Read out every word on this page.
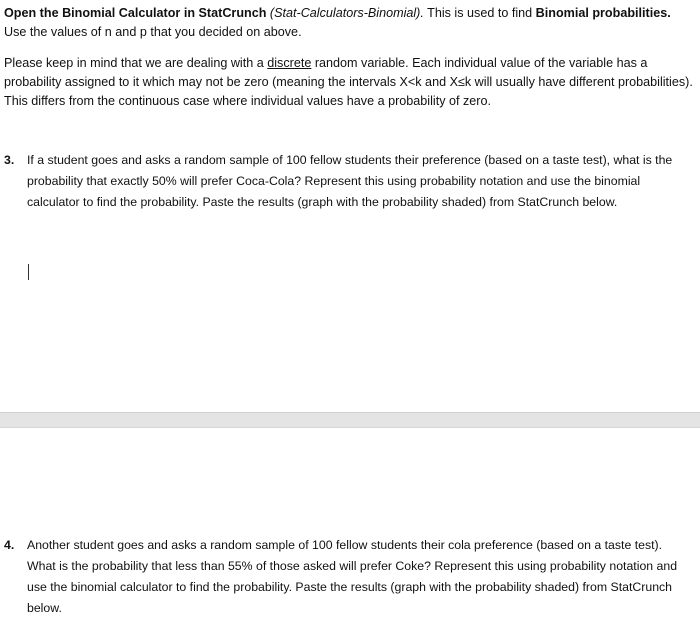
Open the Binomial Calculator in StatCrunch (Stat-Calculators-Binomial). This is used to find Binomial probabilities. Use the values of n and p that you decided on above.

Please keep in mind that we are dealing with a discrete random variable. Each individual value of the variable has a probability assigned to it which may not be zero (meaning the intervals X<k and X≤k will usually have different probabilities). This differs from the continuous case where individual values have a probability of zero.

3. If a student goes and asks a random sample of 100 fellow students their preference (based on a taste test), what is the probability that exactly 50% will prefer Coca-Cola? Represent this using probability notation and use the binomial calculator to find the probability. Paste the results (graph with the probability shaded) from StatCrunch below.
4. Another student goes and asks a random sample of 100 fellow students their cola preference (based on a taste test). What is the probability that less than 55% of those asked will prefer Coke? Represent this using probability notation and use the binomial calculator to find the probability. Paste the results (graph with the probability shaded) from StatCrunch below.
